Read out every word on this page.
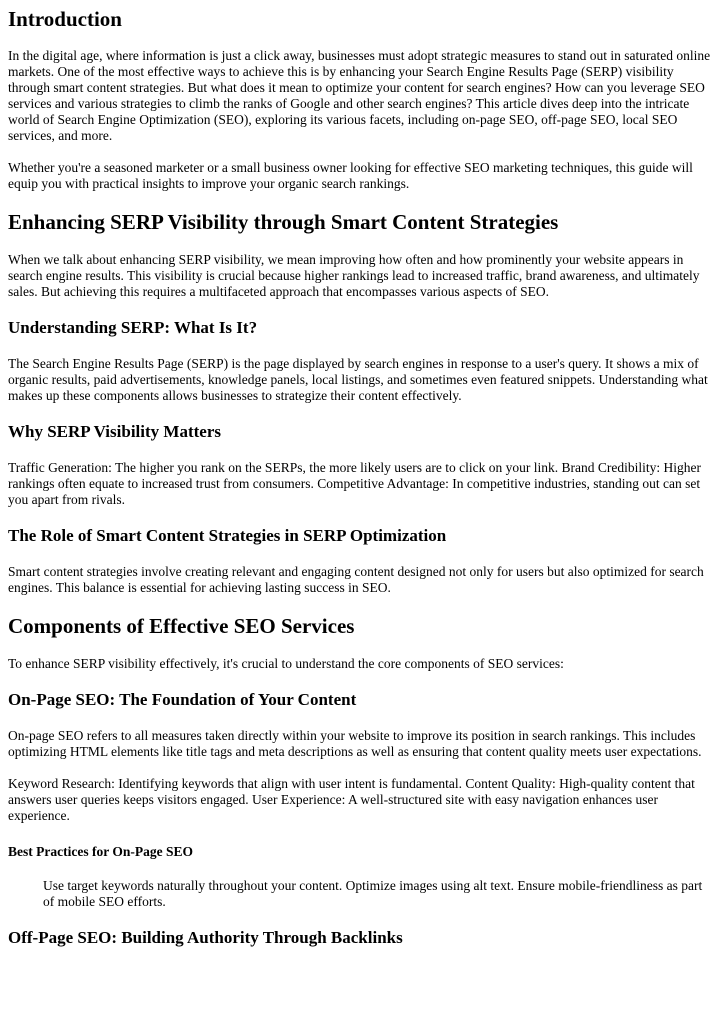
Introduction

In the digital age, where information is just a click away, businesses must adopt strategic measures to stand out in saturated online markets. One of the most effective ways to achieve this is by enhancing your Search Engine Results Page (SERP) visibility through smart content strategies. But what does it mean to optimize your content for search engines? How can you leverage SEO services and various strategies to climb the ranks of Google and other search engines? This article dives deep into the intricate world of Search Engine Optimization (SEO), exploring its various facets, including on-page SEO, off-page SEO, local SEO services, and more.

Whether you're a seasoned marketer or a small business owner looking for effective SEO marketing techniques, this guide will equip you with practical insights to improve your organic search rankings.

Enhancing SERP Visibility through Smart Content Strategies

When we talk about enhancing SERP visibility, we mean improving how often and how prominently your website appears in search engine results. This visibility is crucial because higher rankings lead to increased traffic, brand awareness, and ultimately sales. But achieving this requires a multifaceted approach that encompasses various aspects of SEO.

Understanding SERP: What Is It?

The Search Engine Results Page (SERP) is the page displayed by search engines in response to a user's query. It shows a mix of organic results, paid advertisements, knowledge panels, local listings, and sometimes even featured snippets. Understanding what makes up these components allows businesses to strategize their content effectively.

Why SERP Visibility Matters

Traffic Generation: The higher you rank on the SERPs, the more likely users are to click on your link. Brand Credibility: Higher rankings often equate to increased trust from consumers. Competitive Advantage: In competitive industries, standing out can set you apart from rivals.

The Role of Smart Content Strategies in SERP Optimization

Smart content strategies involve creating relevant and engaging content designed not only for users but also optimized for search engines. This balance is essential for achieving lasting success in SEO.

Components of Effective SEO Services

To enhance SERP visibility effectively, it's crucial to understand the core components of SEO services:

On-Page SEO: The Foundation of Your Content

On-page SEO refers to all measures taken directly within your website to improve its position in search rankings. This includes optimizing HTML elements like title tags and meta descriptions as well as ensuring that content quality meets user expectations.

Keyword Research: Identifying keywords that align with user intent is fundamental. Content Quality: High-quality content that answers user queries keeps visitors engaged. User Experience: A well-structured site with easy navigation enhances user experience.

Best Practices for On-Page SEO
Use target keywords naturally throughout your content. Optimize images using alt text. Ensure mobile-friendliness as part of mobile SEO efforts.
Off-Page SEO: Building Authority Through Backlinks
